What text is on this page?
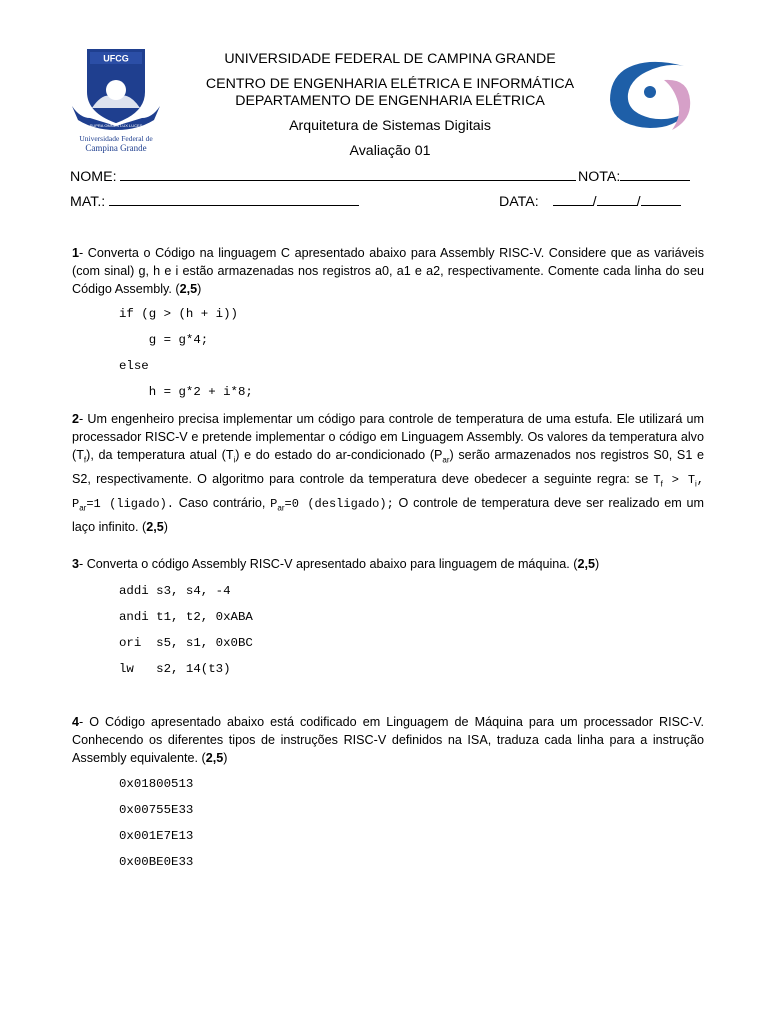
UFCG
SUPRA OMNES LUX LUCES
Universidade Federal de
Campina Grande
UNIVERSIDADE FEDERAL DE CAMPINA GRANDE
CENTRO DE ENGENHARIA ELÉTRICA E INFORMÁTICA
DEPARTAMENTO DE ENGENHARIA ELÉTRICA
Arquitetura de Sistemas Digitais
Avaliação 01
NOME:	NOTA:
MAT.:	DATA:	/	/
1- Converta o Código na linguagem C apresentado abaixo para Assembly RISC-V. Considere que as variáveis (com sinal) g, h e i estão armazenadas nos registros a0, a1 e a2, respectivamente. Comente cada linha do seu Código Assembly. (2,5)
if (g > (h + i))
g = g*4;
else
h = g*2 + i*8;
2- Um engenheiro precisa implementar um código para controle de temperatura de uma estufa. Ele utilizará um processador RISC-V e pretende implementar o código em Linguagem Assembly. Os valores da temperatura alvo $(T_f)$, da temperatura atual $(T_i)$ e do estado do ar-condicionado $(P_{ar})$ serão armazenados nos registros S0, S1 e S2, respectivamente. O algoritmo para controle da temperatura deve obedecer a seguinte regra: se $T_f > T_i$, $P_{ar}=1$ (ligado). Caso contrário, $P_{ar}=0$ (desligado); O controle de temperatura deve ser realizado em um laço infinito. (2,5)
3- Converta o código Assembly RISC-V apresentado abaixo para linguagem de máquina. (2,5)
addi s3, s4, -4
andi t1, t2, 0xABA
ori  s5, s1, 0x0BC
lw   s2, 14(t3)
4- O Código apresentado abaixo está codificado em Linguagem de Máquina para um processador RISC-V. Conhecendo os diferentes tipos de instruções RISC-V definidos na ISA, traduza cada linha para a instrução Assembly equivalente. (2,5)
0x01800513
0x00755E33
0x001E7E13
0x00BE0E33
